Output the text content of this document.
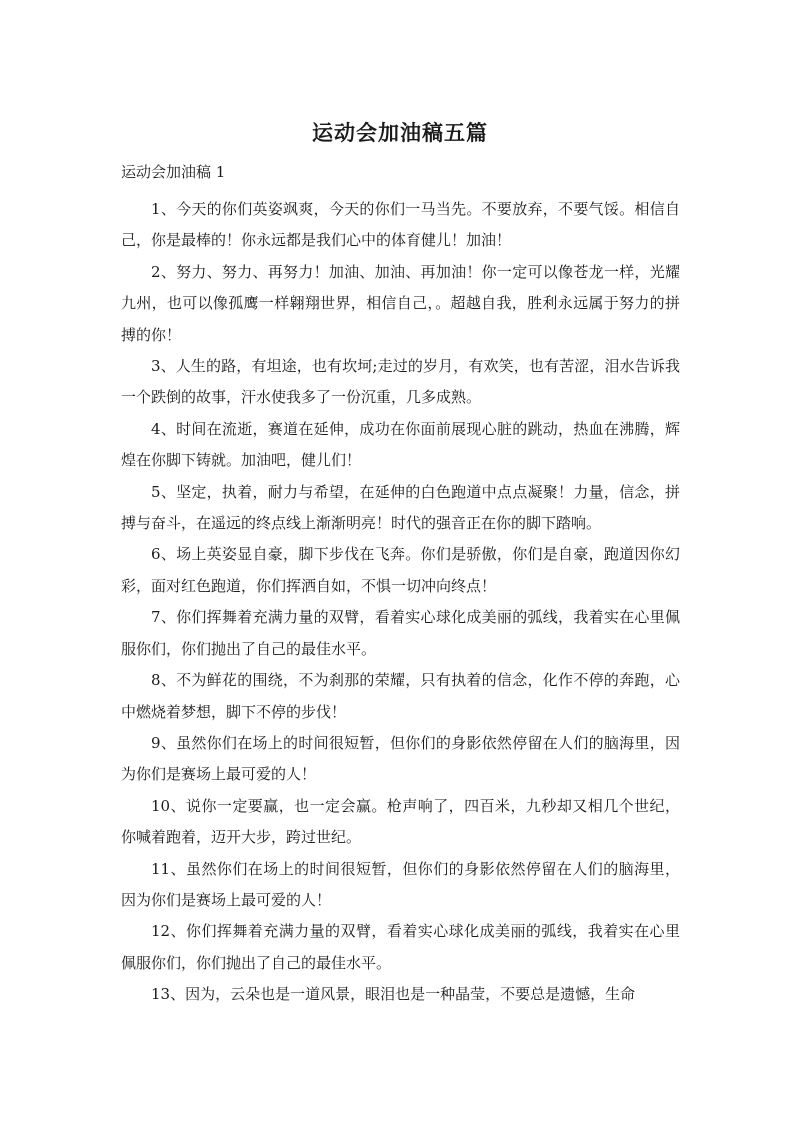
运动会加油稿五篇

运动会加油稿 1

1、今天的你们英姿飒爽，今天的你们一马当先。不要放弃，不要气馁。相信自己，你是最棒的！你永远都是我们心中的体育健儿！加油！

2、努力、努力、再努力！加油、加油、再加油！你一定可以像苍龙一样，光耀九州，也可以像孤鹰一样翱翔世界，相信自己，。超越自我，胜利永远属于努力的拼搏的你！

3、人生的路，有坦途，也有坎坷;走过的岁月，有欢笑，也有苦涩，泪水告诉我一个跌倒的故事，汗水使我多了一份沉重，几多成熟。

4、时间在流逝，赛道在延伸，成功在你面前展现心脏的跳动，热血在沸腾，辉煌在你脚下铸就。加油吧，健儿们！

5、坚定，执着，耐力与希望，在延伸的白色跑道中点点凝聚！力量，信念，拼搏与奋斗，在遥远的终点线上渐渐明亮！时代的强音正在你的脚下踏响。

6、场上英姿显自豪，脚下步伐在飞奔。你们是骄傲，你们是自豪，跑道因你幻彩，面对红色跑道，你们挥洒自如，不惧一切冲向终点！

7、你们挥舞着充满力量的双臂，看着实心球化成美丽的弧线，我着实在心里佩服你们，你们抛出了自己的最佳水平。

8、不为鲜花的围绕，不为刹那的荣耀，只有执着的信念，化作不停的奔跑，心中燃烧着梦想，脚下不停的步伐！

9、虽然你们在场上的时间很短暂，但你们的身影依然停留在人们的脑海里，因为你们是赛场上最可爱的人！

10、说你一定要赢，也一定会赢。枪声响了，四百米，九秒却又相几个世纪，你喊着跑着，迈开大步，跨过世纪。

11、虽然你们在场上的时间很短暂，但你们的身影依然停留在人们的脑海里，因为你们是赛场上最可爱的人！

12、你们挥舞着充满力量的双臂，看着实心球化成美丽的弧线，我着实在心里佩服你们，你们抛出了自己的最佳水平。

13、因为，云朵也是一道风景，眼泪也是一种晶莹，不要总是遗憾，生命
